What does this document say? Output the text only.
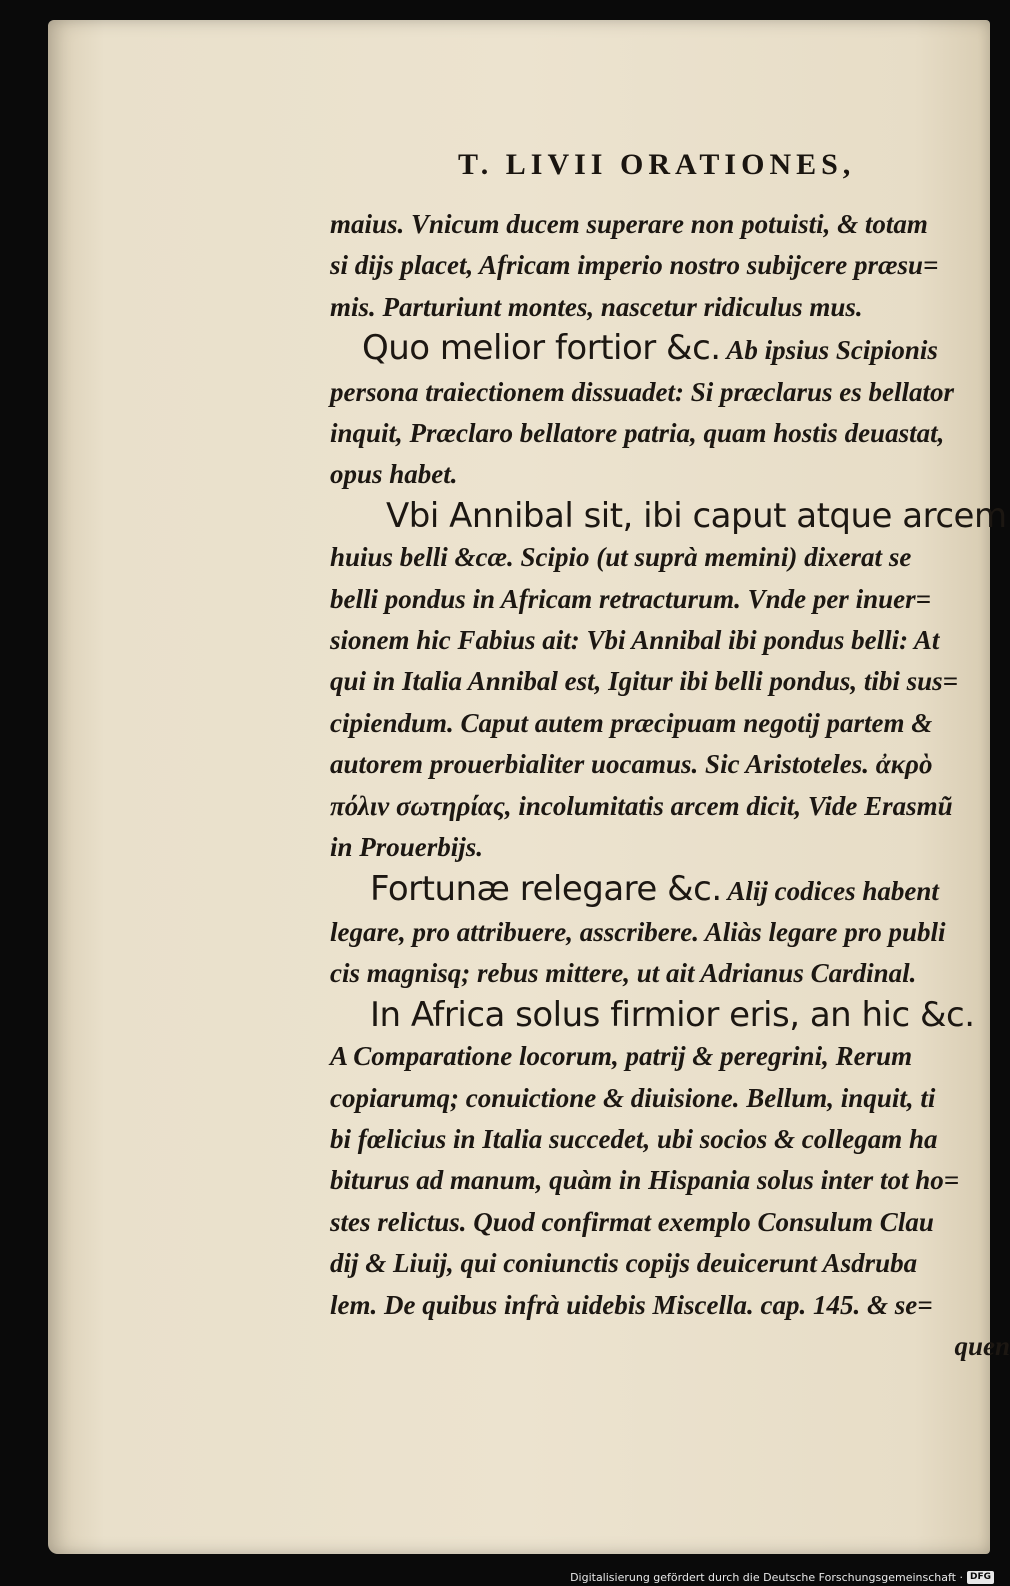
T. LIVII ORATIONES,
maius. Vnicum ducem superare non potuisti, & totam
si dijs placet, Africam imperio nostro subijcere præsu=
mis. Parturiunt montes, nascetur ridiculus mus.
Quo melior fortior &c. Ab ipsius Scipionis
persona traiectionem dissuadet: Si præclarus es bellator
inquit, Præclaro bellatore patria, quam hostis deuastat,
opus habet.
Vbi Annibal sit, ibi caput atque arcem
huius belli &cæ. Scipio (ut suprà memini) dixerat se
belli pondus in Africam retracturum. Vnde per inuer=
sionem hic Fabius ait: Vbi Annibal ibi pondus belli: At
qui in Italia Annibal est, Igitur ibi belli pondus, tibi sus=
cipiendum. Caput autem præcipuam negotij partem &
autorem prouerbialiter uocamus. Sic Aristoteles. ἀκρὸ
πόλιν σωτηρίας, incolumitatis arcem dicit, Vide Erasmũ
in Prouerbijs.
Fortunæ relegare &c. Alij codices habent
legare, pro attribuere, asscribere. Aliàs legare pro publi
cis magnisq; rebus mittere, ut ait Adrianus Cardinal.
In Africa solus firmior eris, an hic &c.
A Comparatione locorum, patrij & peregrini, Rerum
copiarumq; conuictione & diuisione. Bellum, inquit, ti
bi fœlicius in Italia succedet, ubi socios & collegam ha
biturus ad manum, quàm in Hispania solus inter tot ho=
stes relictus. Quod confirmat exemplo Consulum Clau
dij & Liuij, qui coniunctis copijs deuicerunt Asdruba
lem. De quibus infrà uidebis Miscella. cap. 145. & se=
quen
Digitalisierung gefördert durch die Deutsche Forschungsgemeinschaft · DFG
